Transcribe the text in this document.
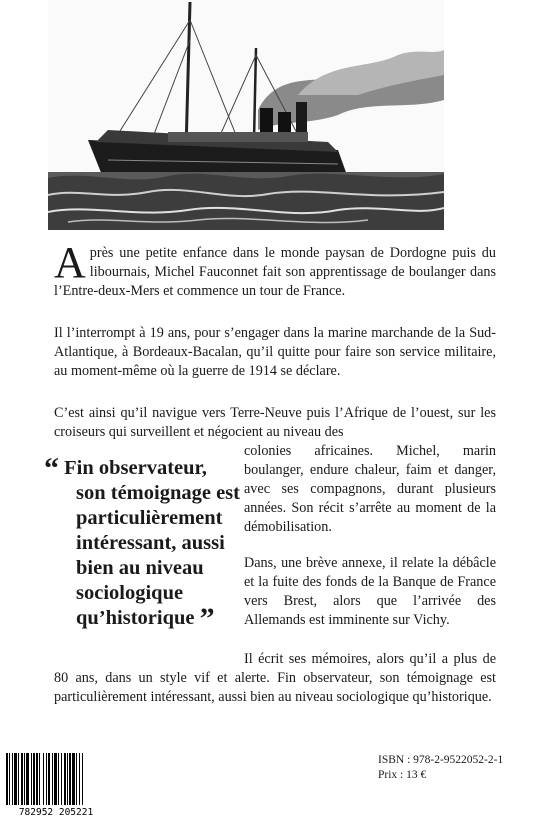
Après une petite enfance dans le monde paysan de Dordogne puis du libournais, Michel Fauconnet fait son apprentissage de boulanger dans l’Entre-deux-Mers et commence un tour de France.

Il l’interrompt à 19 ans, pour s’engager dans la marine marchande de la Sud-Atlantique, à Bordeaux-Bacalan, qu’il quitte pour faire son service militaire, au moment-même où la guerre de 1914 se déclare.

C’est ainsi qu’il navigue vers Terre-Neuve puis l’Afrique de l’ouest, sur les croiseurs qui surveillent et négocient au niveau des

colonies africaines. Michel, marin boulanger, endure chaleur, faim et danger, avec ses compagnons, durant plusieurs années. Son récit s’arrête au moment de la démobilisation.

Dans, une brève annexe, il relate la débâcle et la fuite des fonds de la Banque de France vers Brest, alors que l’arrivée des Allemands est imminente sur Vichy.

Il écrit ses mémoires, alors qu’il a plus de 80 ans, dans un style vif et alerte. Fin observateur, son témoignage est particulièrement intéressant, aussi bien au niveau sociologique qu’historique.

“ Fin observateur,
son témoignage est
particulièrement
intéressant, aussi
bien au niveau
sociologique
qu’historique ”
782952 205221
ISBN : 978-2-9522052-2-1
Prix : 13 €
